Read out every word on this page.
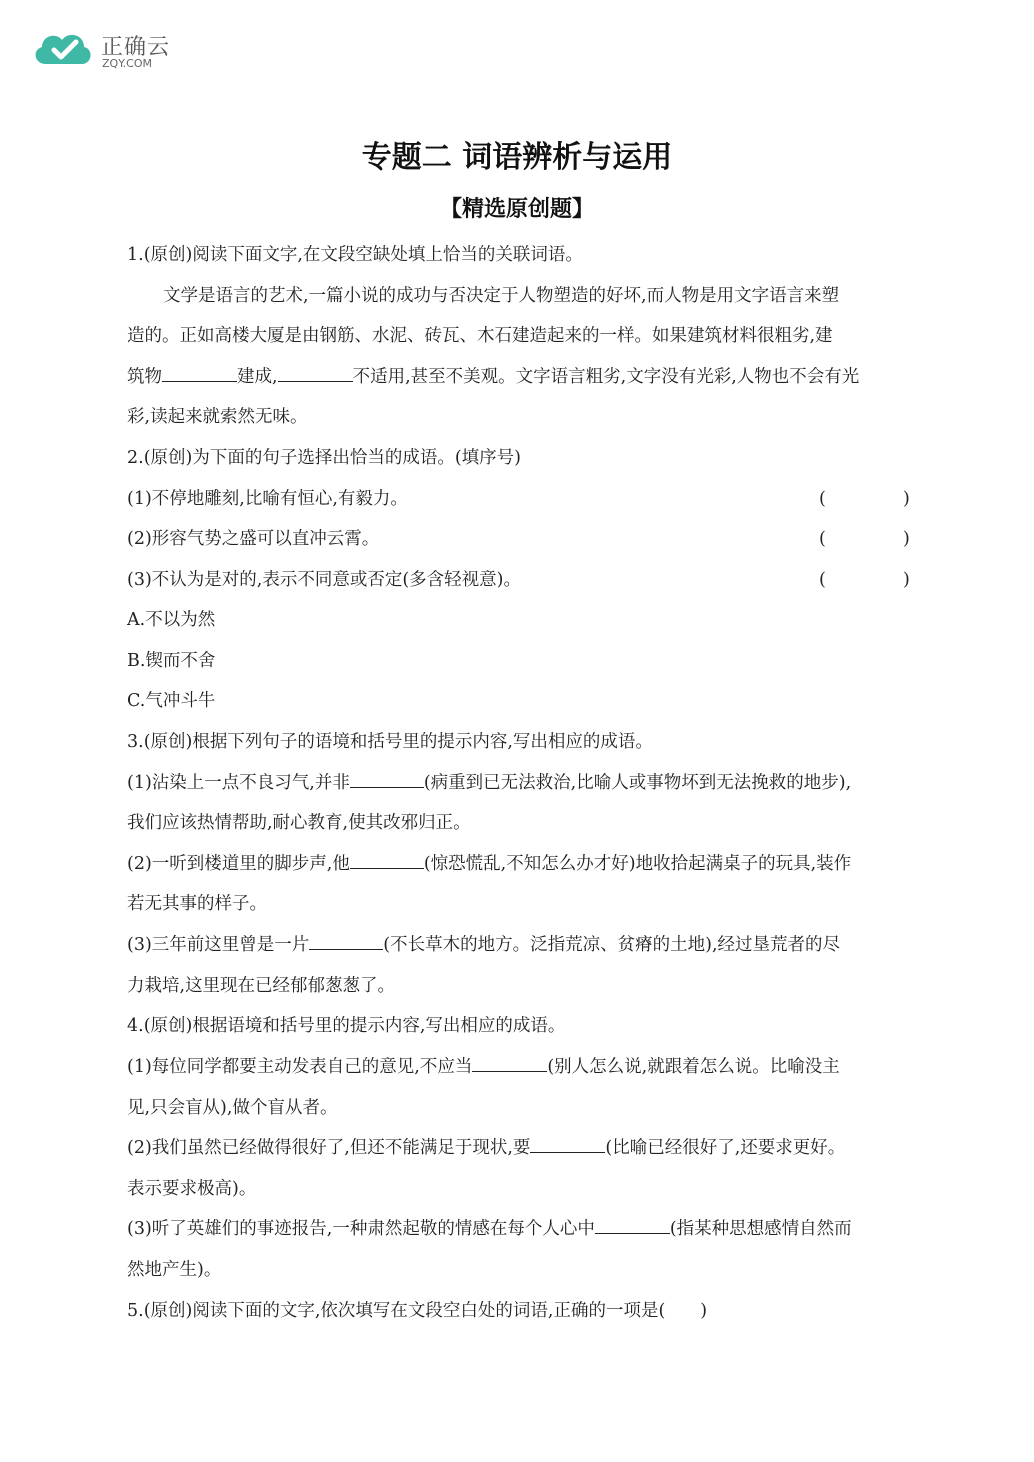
正确云
ZQY.COM
专题二 词语辨析与运用
【精选原创题】
1.(原创)阅读下面文字,在文段空缺处填上恰当的关联词语。
文学是语言的艺术,一篇小说的成功与否决定于人物塑造的好坏,而人物是用文字语言来塑
造的。正如高楼大厦是由钢筋、水泥、砖瓦、木石建造起来的一样。如果建筑材料很粗劣,建
筑物	建成,	不适用,甚至不美观。文字语言粗劣,文字没有光彩,人物也不会有光
彩,读起来就索然无味。
2.(原创)为下面的句子选择出恰当的成语。(填序号)
(1)不停地雕刻,比喻有恒心,有毅力。	(	)
(2)形容气势之盛可以直冲云霄。	(	)
(3)不认为是对的,表示不同意或否定(多含轻视意)。	(	)
A.不以为然
B.锲而不舍
C.气冲斗牛
3.(原创)根据下列句子的语境和括号里的提示内容,写出相应的成语。
(1)沾染上一点不良习气,并非	(病重到已无法救治,比喻人或事物坏到无法挽救的地步),
我们应该热情帮助,耐心教育,使其改邪归正。
(2)一听到楼道里的脚步声,他	(惊恐慌乱,不知怎么办才好)地收拾起满桌子的玩具,装作
若无其事的样子。
(3)三年前这里曾是一片	(不长草木的地方。泛指荒凉、贫瘠的土地),经过垦荒者的尽
力栽培,这里现在已经郁郁葱葱了。
4.(原创)根据语境和括号里的提示内容,写出相应的成语。
(1)每位同学都要主动发表自己的意见,不应当	(别人怎么说,就跟着怎么说。比喻没主
见,只会盲从),做个盲从者。
(2)我们虽然已经做得很好了,但还不能满足于现状,要	(比喻已经很好了,还要求更好。
表示要求极高)。
(3)听了英雄们的事迹报告,一种肃然起敬的情感在每个人心中	(指某种思想感情自然而
然地产生)。
5.(原创)阅读下面的文字,依次填写在文段空白处的词语,正确的一项是(　　)
